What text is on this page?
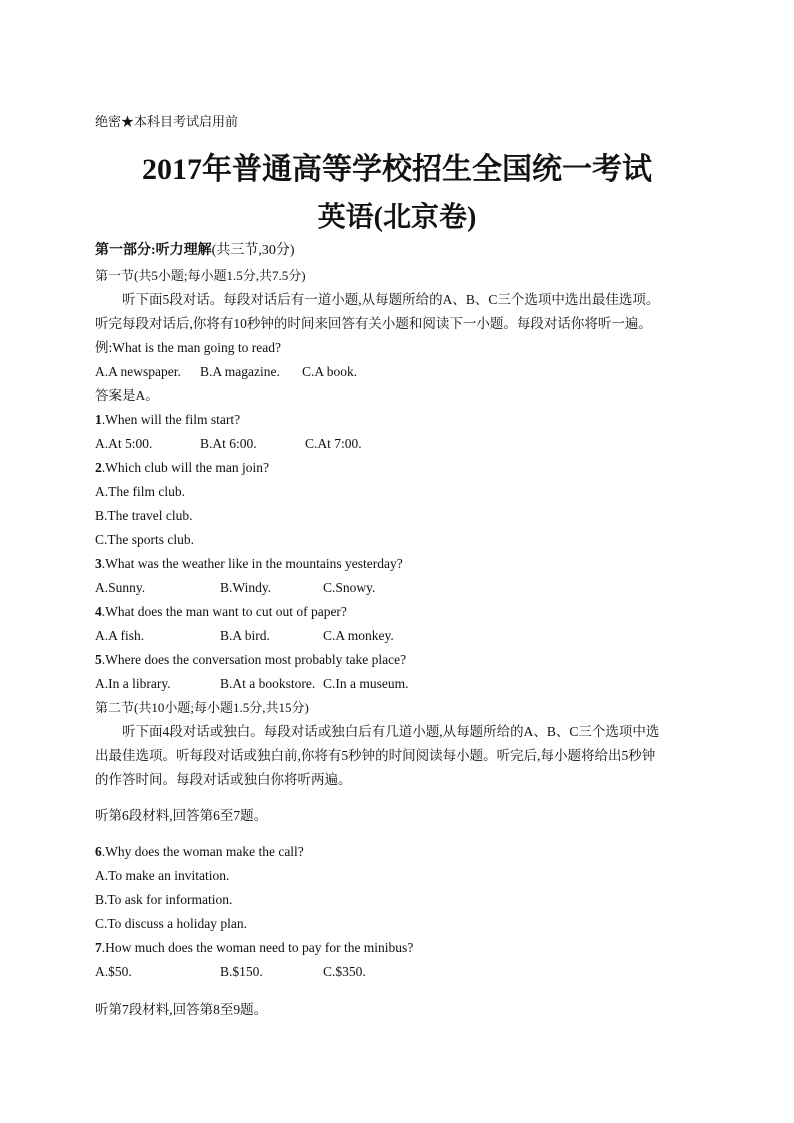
绝密★本科目考试启用前
2017年普通高等学校招生全国统一考试
英语(北京卷)
第一部分:听力理解(共三节,30分)
第一节(共5小题;每小题1.5分,共7.5分)
听下面5段对话。每段对话后有一道小题,从每题所给的A、B、C三个选项中选出最佳选项。
听完每段对话后,你将有10秒钟的时间来回答有关小题和阅读下一小题。每段对话你将听一遍。
例:What is the man going to read?
A.A newspaper. B.A magazine. C.A book.
答案是A。
1.When will the film start?
A.At 5:00.	B.At 6:00.	C.At 7:00.
2.Which club will the man join?
A.The film club.
B.The travel club.
C.The sports club.
3.What was the weather like in the mountains yesterday?
A.Sunny.	B.Windy.	C.Snowy.
4.What does the man want to cut out of paper?
A.A fish.	B.A bird.	C.A monkey.
5.Where does the conversation most probably take place?
A.In a library.	B.At a bookstore. C.In a museum.
第二节(共10小题;每小题1.5分,共15分)
听下面4段对话或独白。每段对话或独白后有几道小题,从每题所给的A、B、C三个选项中选
出最佳选项。听每段对话或独白前,你将有5秒钟的时间阅读每小题。听完后,每小题将给出5秒钟
的作答时间。每段对话或独白你将听两遍。
听第6段材料,回答第6至7题。
6.Why does the woman make the call?
A.To make an invitation.
B.To ask for information.
C.To discuss a holiday plan.
7.How much does the woman need to pay for the minibus?
A.$50.	B.$150.	C.$350.
听第7段材料,回答第8至9题。
